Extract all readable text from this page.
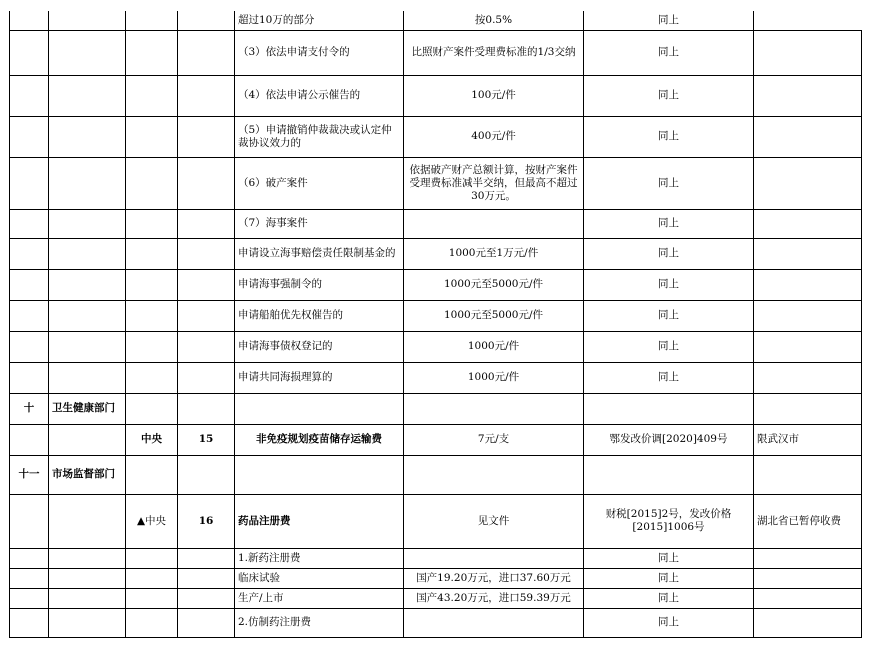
				超过10万的部分	按0.5%	同上	
				（3）依法申请支付令的	比照财产案件受理费标准的1/3交纳	同上	
				（4）依法申请公示催告的	100元/件	同上	
				（5）申请撤销仲裁裁决或认定仲裁协议效力的	400元/件	同上	
				（6）破产案件	依据破产财产总额计算，按财产案件受理费标准减半交纳，但最高不超过30万元。	同上	
				（7）海事案件		同上	
				申请设立海事赔偿责任限制基金的	1000元至1万元/件	同上	
				申请海事强制令的	1000元至5000元/件	同上	
				申请船舶优先权催告的	1000元至5000元/件	同上	
				申请海事债权登记的	1000元/件	同上	
				申请共同海损理算的	1000元/件	同上	
十	卫生健康部门						
		中央	15	非免疫规划疫苗储存运输费	7元/支	鄂发改价调[2020]409号	限武汉市
十一	市场监督部门						
		▲中央	16	药品注册费	见文件	财税[2015]2号，发改价格[2015]1006号	湖北省已暂停收费
				1.新药注册费		同上	
				临床试验	国产19.20万元，进口37.60万元	同上	
				生产/上市	国产43.20万元，进口59.39万元	同上	
				2.仿制药注册费		同上	
